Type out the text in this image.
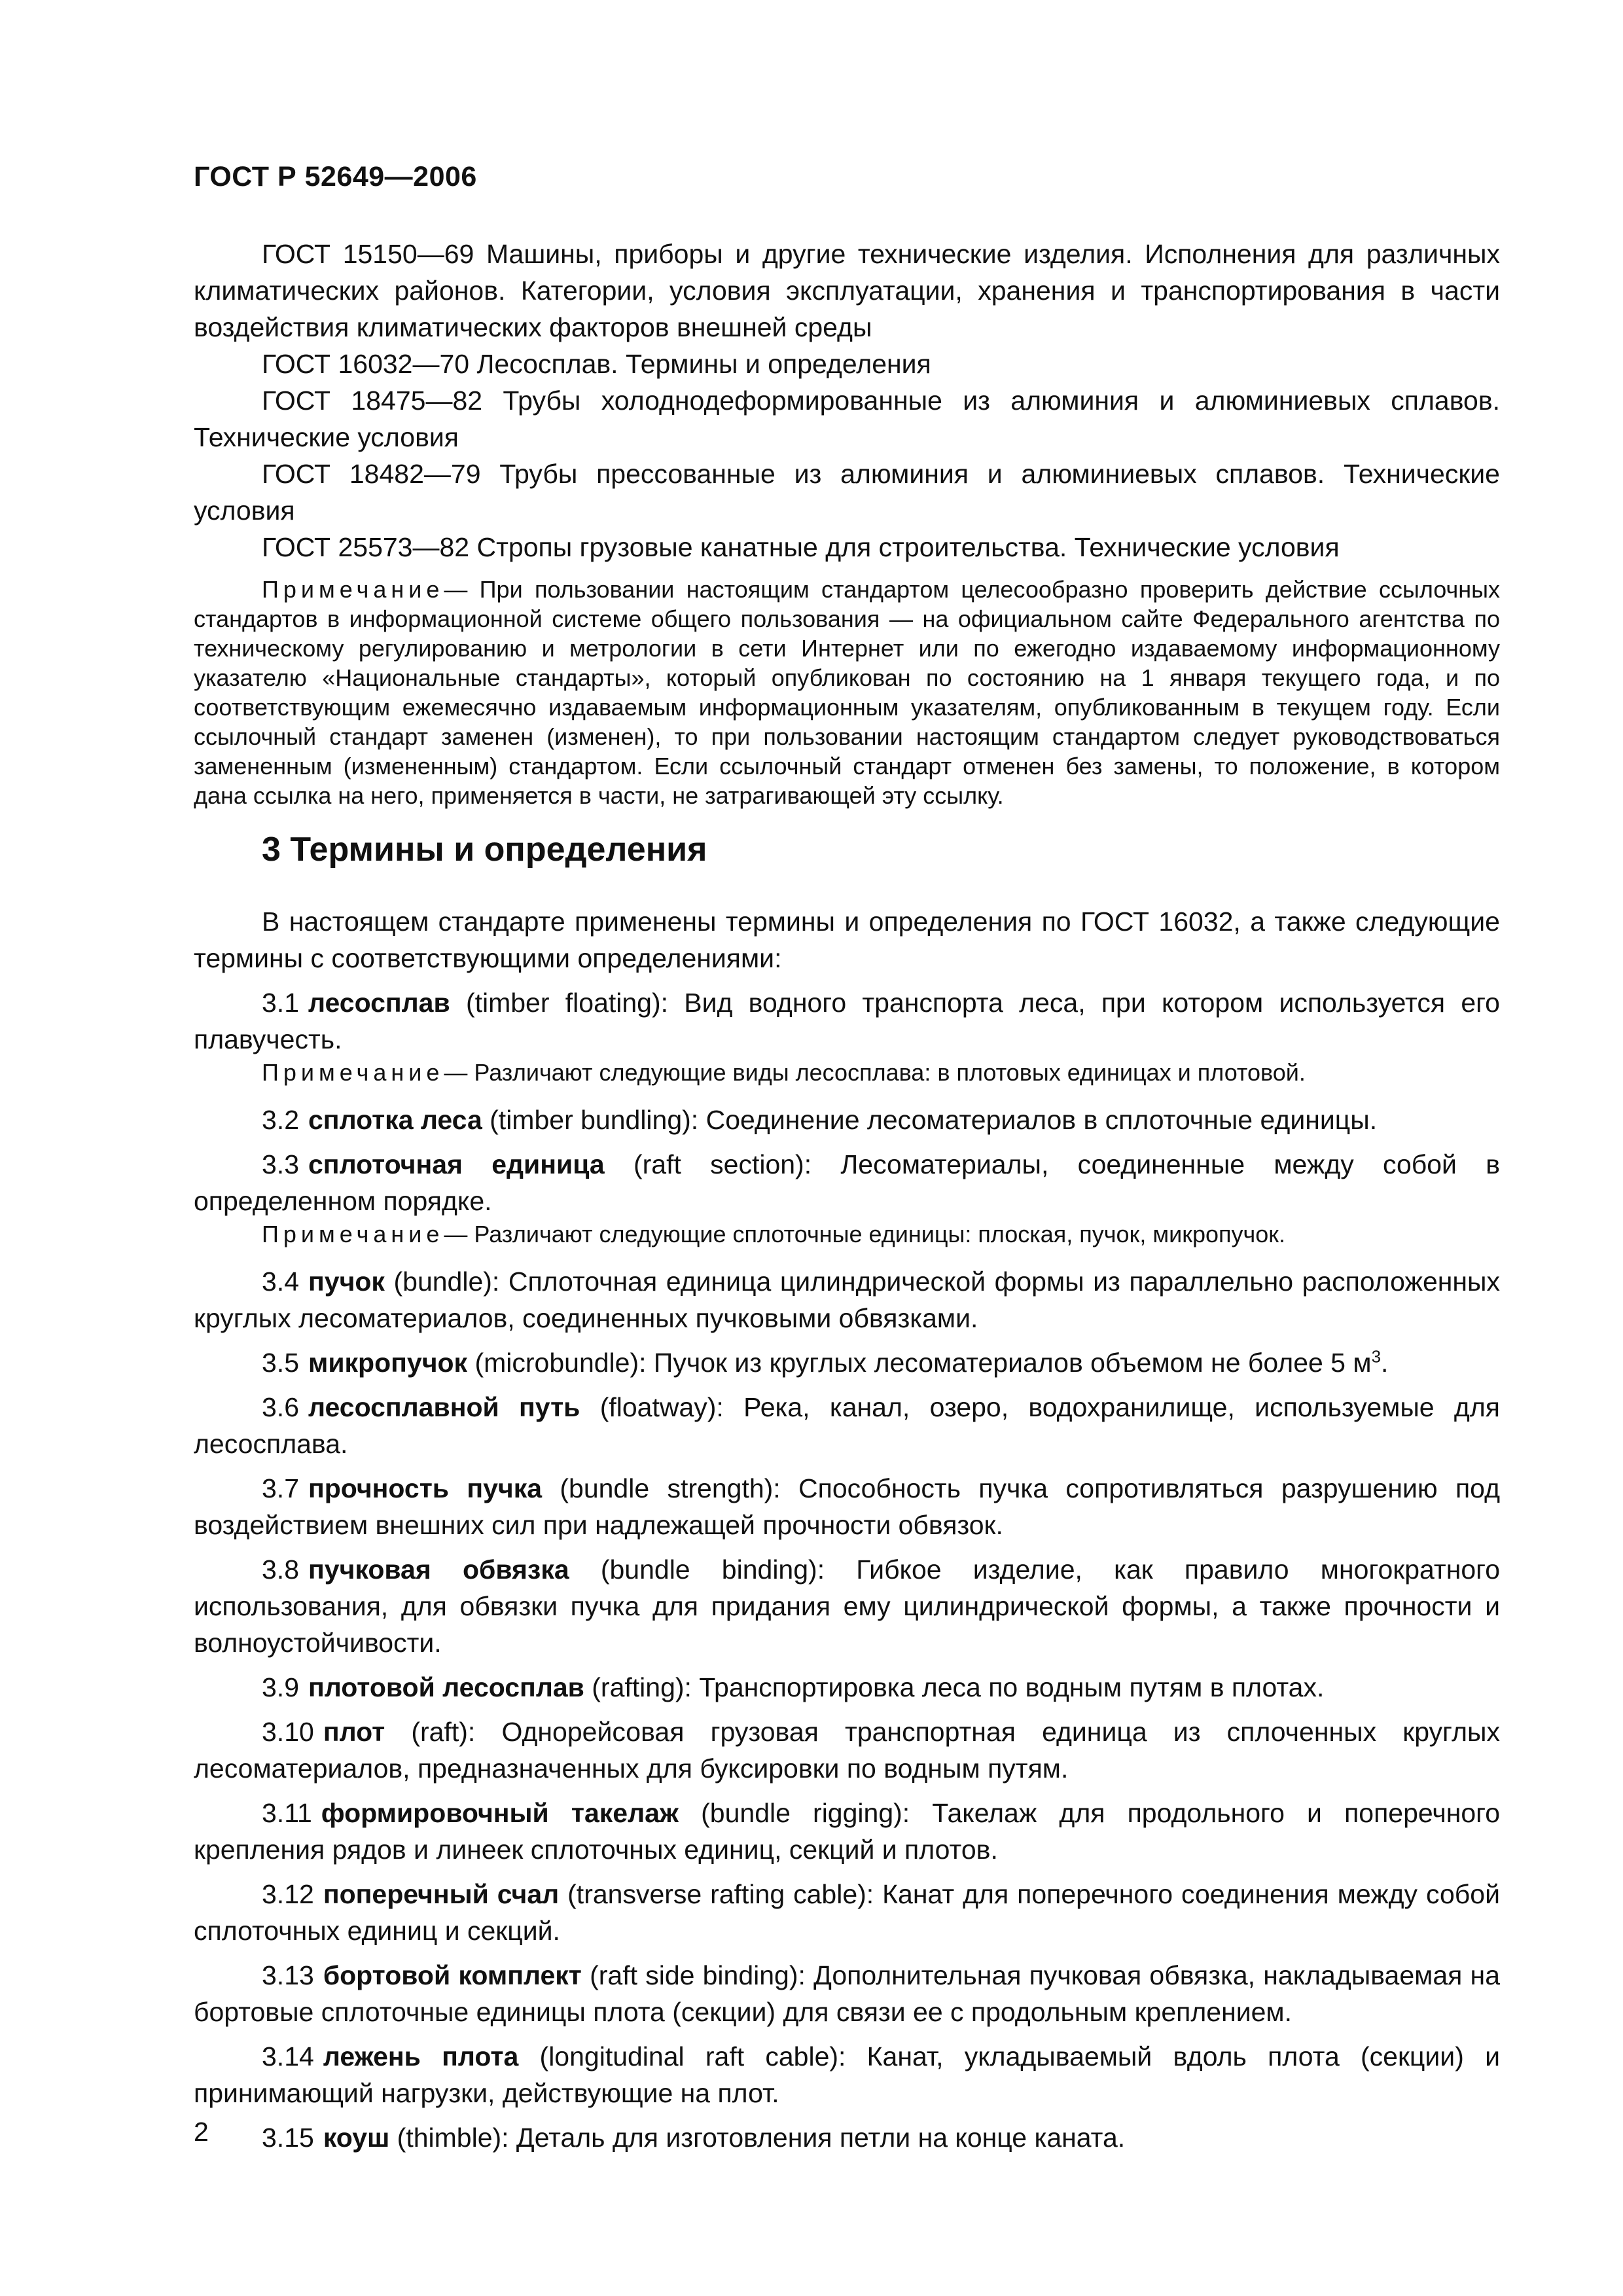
ГОСТ Р 52649—2006

ГОСТ 15150—69 Машины, приборы и другие технические изделия. Исполнения для различных климатических районов. Категории, условия эксплуатации, хранения и транспортирования в части воздействия климатических факторов внешней среды

ГОСТ 16032—70 Лесосплав. Термины и определения

ГОСТ 18475—82 Трубы холоднодеформированные из алюминия и алюминиевых сплавов. Технические условия

ГОСТ 18482—79 Трубы прессованные из алюминия и алюминиевых сплавов. Технические условия

ГОСТ 25573—82 Стропы грузовые канатные для строительства. Технические условия

Примечание— При пользовании настоящим стандартом целесообразно проверить действие ссылочных стандартов в информационной системе общего пользования — на официальном сайте Федерального агентства по техническому регулированию и метрологии в сети Интернет или по ежегодно издаваемому информационному указателю «Национальные стандарты», который опубликован по состоянию на 1 января текущего года, и по соответствующим ежемесячно издаваемым информационным указателям, опубликованным в текущем году. Если ссылочный стандарт заменен (изменен), то при пользовании настоящим стандартом следует руководствоваться замененным (измененным) стандартом. Если ссылочный стандарт отменен без замены, то положение, в котором дана ссылка на него, применяется в части, не затрагивающей эту ссылку.

3 Термины и определения

В настоящем стандарте применены термины и определения по ГОСТ 16032, а также следующие термины с соответствующими определениями:

3.1 лесосплав (timber floating): Вид водного транспорта леса, при котором используется его плавучесть.

Примечание— Различают следующие виды лесосплава: в плотовых единицах и плотовой.

3.2 сплотка леса (timber bundling): Соединение лесоматериалов в сплоточные единицы.

3.3 сплоточная единица (raft section): Лесоматериалы, соединенные между собой в определенном порядке.

Примечание— Различают следующие сплоточные единицы: плоская, пучок, микропучок.

3.4 пучок (bundle): Сплоточная единица цилиндрической формы из параллельно расположенных круглых лесоматериалов, соединенных пучковыми обвязками.

3.5 микропучок (microbundle): Пучок из круглых лесоматериалов объемом не более 5 $м^3$.

3.6 лесосплавной путь (floatway): Река, канал, озеро, водохранилище, используемые для лесосплава.

3.7 прочность пучка (bundle strength): Способность пучка сопротивляться разрушению под воздействием внешних сил при надлежащей прочности обвязок.

3.8 пучковая обвязка (bundle binding): Гибкое изделие, как правило многократного использования, для обвязки пучка для придания ему цилиндрической формы, а также прочности и волноустойчивости.

3.9 плотовой лесосплав (rafting): Транспортировка леса по водным путям в плотах.

3.10 плот (raft): Однорейсовая грузовая транспортная единица из сплоченных круглых лесоматериалов, предназначенных для буксировки по водным путям.

3.11 формировочный такелаж (bundle rigging): Такелаж для продольного и поперечного крепления рядов и линеек сплоточных единиц, секций и плотов.

3.12 поперечный счал (transverse rafting cable): Канат для поперечного соединения между собой сплоточных единиц и секций.

3.13 бортовой комплект (raft side binding): Дополнительная пучковая обвязка, накладываемая на бортовые сплоточные единицы плота (секции) для связи ее с продольным креплением.

3.14 лежень плота (longitudinal raft cable): Канат, укладываемый вдоль плота (секции) и принимающий нагрузки, действующие на плот.

3.15 коуш (thimble): Деталь для изготовления петли на конце каната.

2
